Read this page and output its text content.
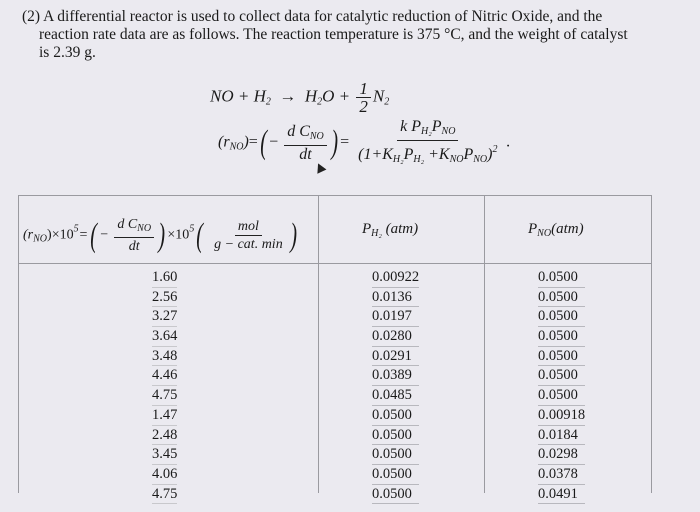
(2) A differential reactor is used to collect data for catalytic reduction of Nitric Oxide, and the
reaction rate data are as follows. The reaction temperature is 375 °C, and the weight of catalyst
is 2.39 g.
NO + $H_2 \to H_2O + \frac{1}{2} N_2$
$(r_{NO})=( - \frac{d C_{NO}}{dt}$ ) = $\frac{k P_{H_2}P_{NO}}{(1+K_{H_2}P_{H_2} +K_{NO}P_{NO})^2}$ .
$(r_{NO})\times 10^5=( - \frac{d C_{NO}}{dt}$ ) $\times 10^5( \frac{\text{mol}}{\text{g − cat. min}}$ )	$P_{H_2}$ (atm)	$P_{NO}(atm)$
1.60
2.56
3.27
3.64
3.48
4.46
4.75
1.47
2.48
3.45
4.06
4.75
0.00922
0.0136
0.0197
0.0280
0.0291
0.0389
0.0485
0.0500
0.0500
0.0500
0.0500
0.0500
0.0500
0.0500
0.0500
0.0500
0.0500
0.0500
0.0500
0.00918
0.0184
0.0298
0.0378
0.0491
